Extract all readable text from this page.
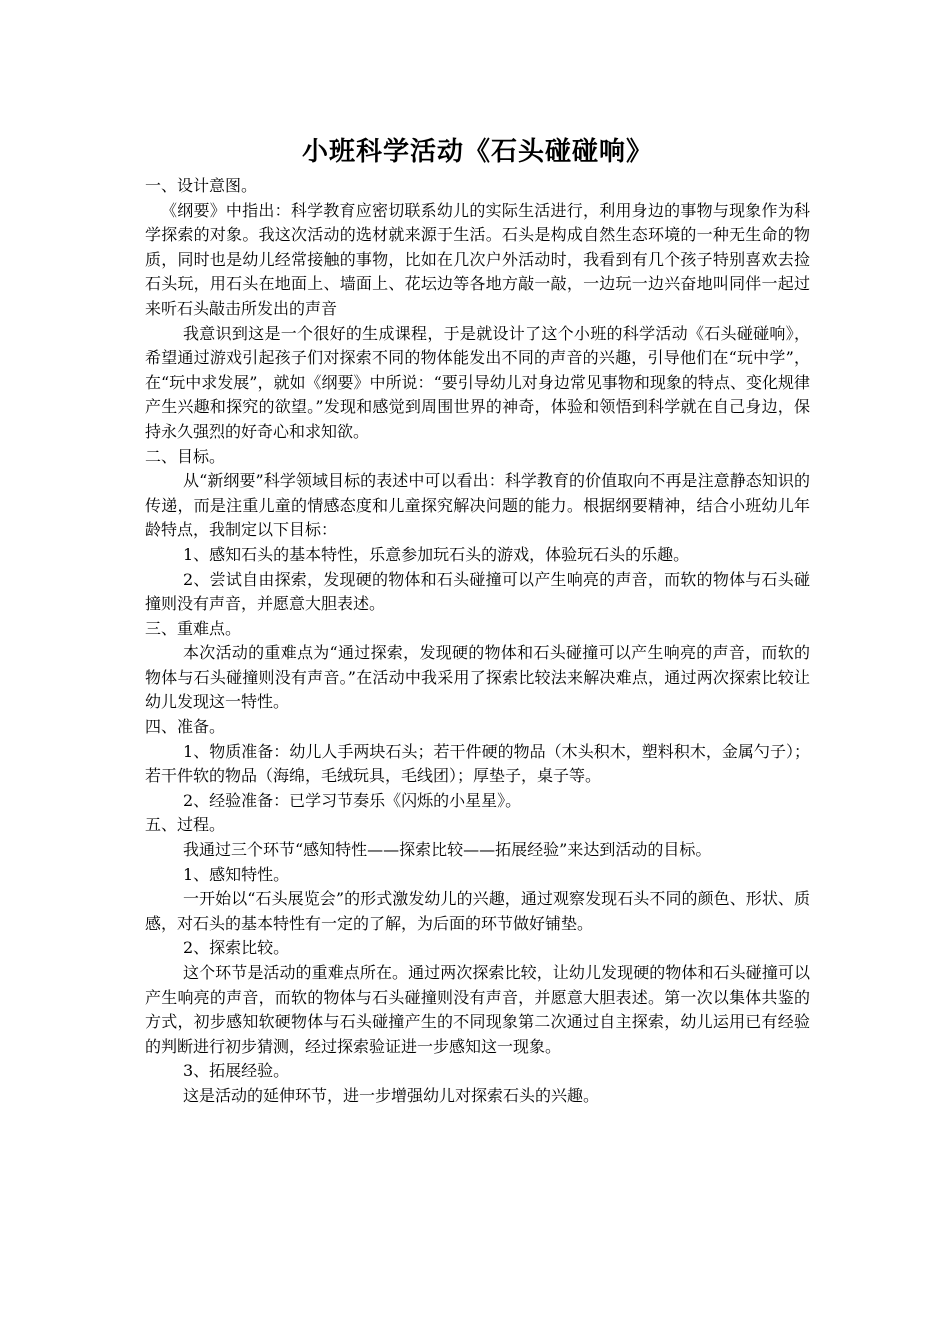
小班科学活动《石头碰碰响》

一、设计意图。

《纲要》中指出：科学教育应密切联系幼儿的实际生活进行，利用身边的事物与现象作为科学探索的对象。我这次活动的选材就来源于生活。石头是构成自然生态环境的一种无生命的物质，同时也是幼儿经常接触的事物，比如在几次户外活动时，我看到有几个孩子特别喜欢去捡石头玩，用石头在地面上、墙面上、花坛边等各地方敲一敲，一边玩一边兴奋地叫同伴一起过来听石头敲击所发出的声音

我意识到这是一个很好的生成课程，于是就设计了这个小班的科学活动《石头碰碰响》，希望通过游戏引起孩子们对探索不同的物体能发出不同的声音的兴趣，引导他们在“玩中学”，在“玩中求发展”，就如《纲要》中所说：“要引导幼儿对身边常见事物和现象的特点、变化规律产生兴趣和探究的欲望。”发现和感觉到周围世界的神奇，体验和领悟到科学就在自己身边，保持永久强烈的好奇心和求知欲。

二、目标。

从“新纲要”科学领域目标的表述中可以看出：科学教育的价值取向不再是注意静态知识的传递，而是注重儿童的情感态度和儿童探究解决问题的能力。根据纲要精神，结合小班幼儿年龄特点，我制定以下目标：

1、感知石头的基本特性，乐意参加玩石头的游戏，体验玩石头的乐趣。

2、尝试自由探索，发现硬的物体和石头碰撞可以产生响亮的声音，而软的物体与石头碰撞则没有声音，并愿意大胆表述。

三、重难点。

本次活动的重难点为“通过探索，发现硬的物体和石头碰撞可以产生响亮的声音，而软的物体与石头碰撞则没有声音。”在活动中我采用了探索比较法来解决难点，通过两次探索比较让幼儿发现这一特性。

四、准备。

1、物质准备：幼儿人手两块石头；若干件硬的物品（木头积木，塑料积木，金属勺子）；若干件软的物品（海绵，毛绒玩具，毛线团）；厚垫子，桌子等。

2、经验准备：已学习节奏乐《闪烁的小星星》。

五、过程。

我通过三个环节“感知特性——探索比较——拓展经验”来达到活动的目标。

1、感知特性。

一开始以“石头展览会”的形式激发幼儿的兴趣，通过观察发现石头不同的颜色、形状、质感，对石头的基本特性有一定的了解，为后面的环节做好铺垫。

2、探索比较。

这个环节是活动的重难点所在。通过两次探索比较，让幼儿发现硬的物体和石头碰撞可以产生响亮的声音，而软的物体与石头碰撞则没有声音，并愿意大胆表述。第一次以集体共鉴的方式，初步感知软硬物体与石头碰撞产生的不同现象第二次通过自主探索，幼儿运用已有经验的判断进行初步猜测，经过探索验证进一步感知这一现象。

3、拓展经验。

这是活动的延伸环节，进一步增强幼儿对探索石头的兴趣。
